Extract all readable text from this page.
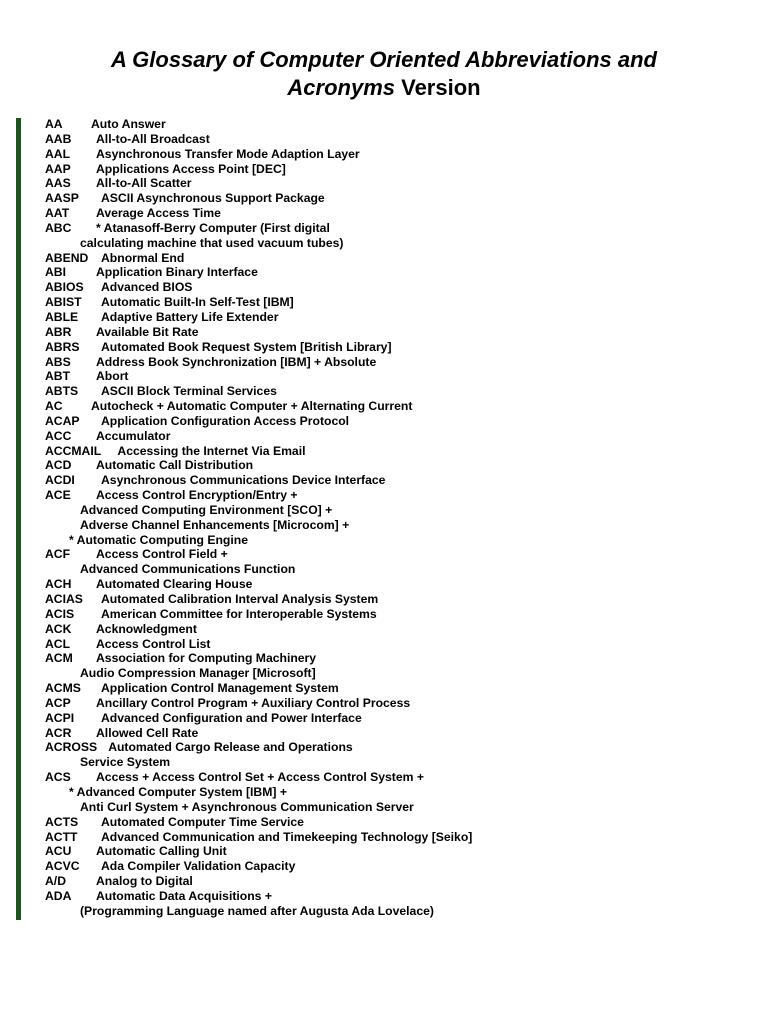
A Glossary of Computer Oriented Abbreviations and
Acronyms Version
AA Auto Answer
AAB All-to-All Broadcast
AAL Asynchronous Transfer Mode Adaption Layer
AAP Applications Access Point [DEC]
AAS All-to-All Scatter
AASP ASCII Asynchronous Support Package
AAT Average Access Time
ABC * Atanasoff-Berry Computer (First digital
calculating machine that used vacuum tubes)
ABEND Abnormal End
ABI Application Binary Interface
ABIOS Advanced BIOS
ABIST Automatic Built-In Self-Test [IBM]
ABLE Adaptive Battery Life Extender
ABR Available Bit Rate
ABRS Automated Book Request System [British Library]
ABS Address Book Synchronization [IBM] + Absolute
ABT Abort
ABTS ASCII Block Terminal Services
AC Autocheck + Automatic Computer + Alternating Current
ACAP Application Configuration Access Protocol
ACC Accumulator
ACCMAIL Accessing the Internet Via Email
ACD Automatic Call Distribution
ACDI Asynchronous Communications Device Interface
ACE Access Control Encryption/Entry +
Advanced Computing Environment [SCO] +
Adverse Channel Enhancements [Microcom] +
* Automatic Computing Engine
ACF Access Control Field +
Advanced Communications Function
ACH Automated Clearing House
ACIAS Automated Calibration Interval Analysis System
ACIS American Committee for Interoperable Systems
ACK Acknowledgment
ACL Access Control List
ACM Association for Computing Machinery
Audio Compression Manager [Microsoft]
ACMS Application Control Management System
ACP Ancillary Control Program + Auxiliary Control Process
ACPI Advanced Configuration and Power Interface
ACR Allowed Cell Rate
ACROSS Automated Cargo Release and Operations
Service System
ACS Access + Access Control Set + Access Control System +
* Advanced Computer System [IBM] +
Anti Curl System + Asynchronous Communication Server
ACTS Automated Computer Time Service
ACTT Advanced Communication and Timekeeping Technology [Seiko]
ACU Automatic Calling Unit
ACVC Ada Compiler Validation Capacity
A/D Analog to Digital
ADA Automatic Data Acquisitions +
(Programming Language named after Augusta Ada Lovelace)
